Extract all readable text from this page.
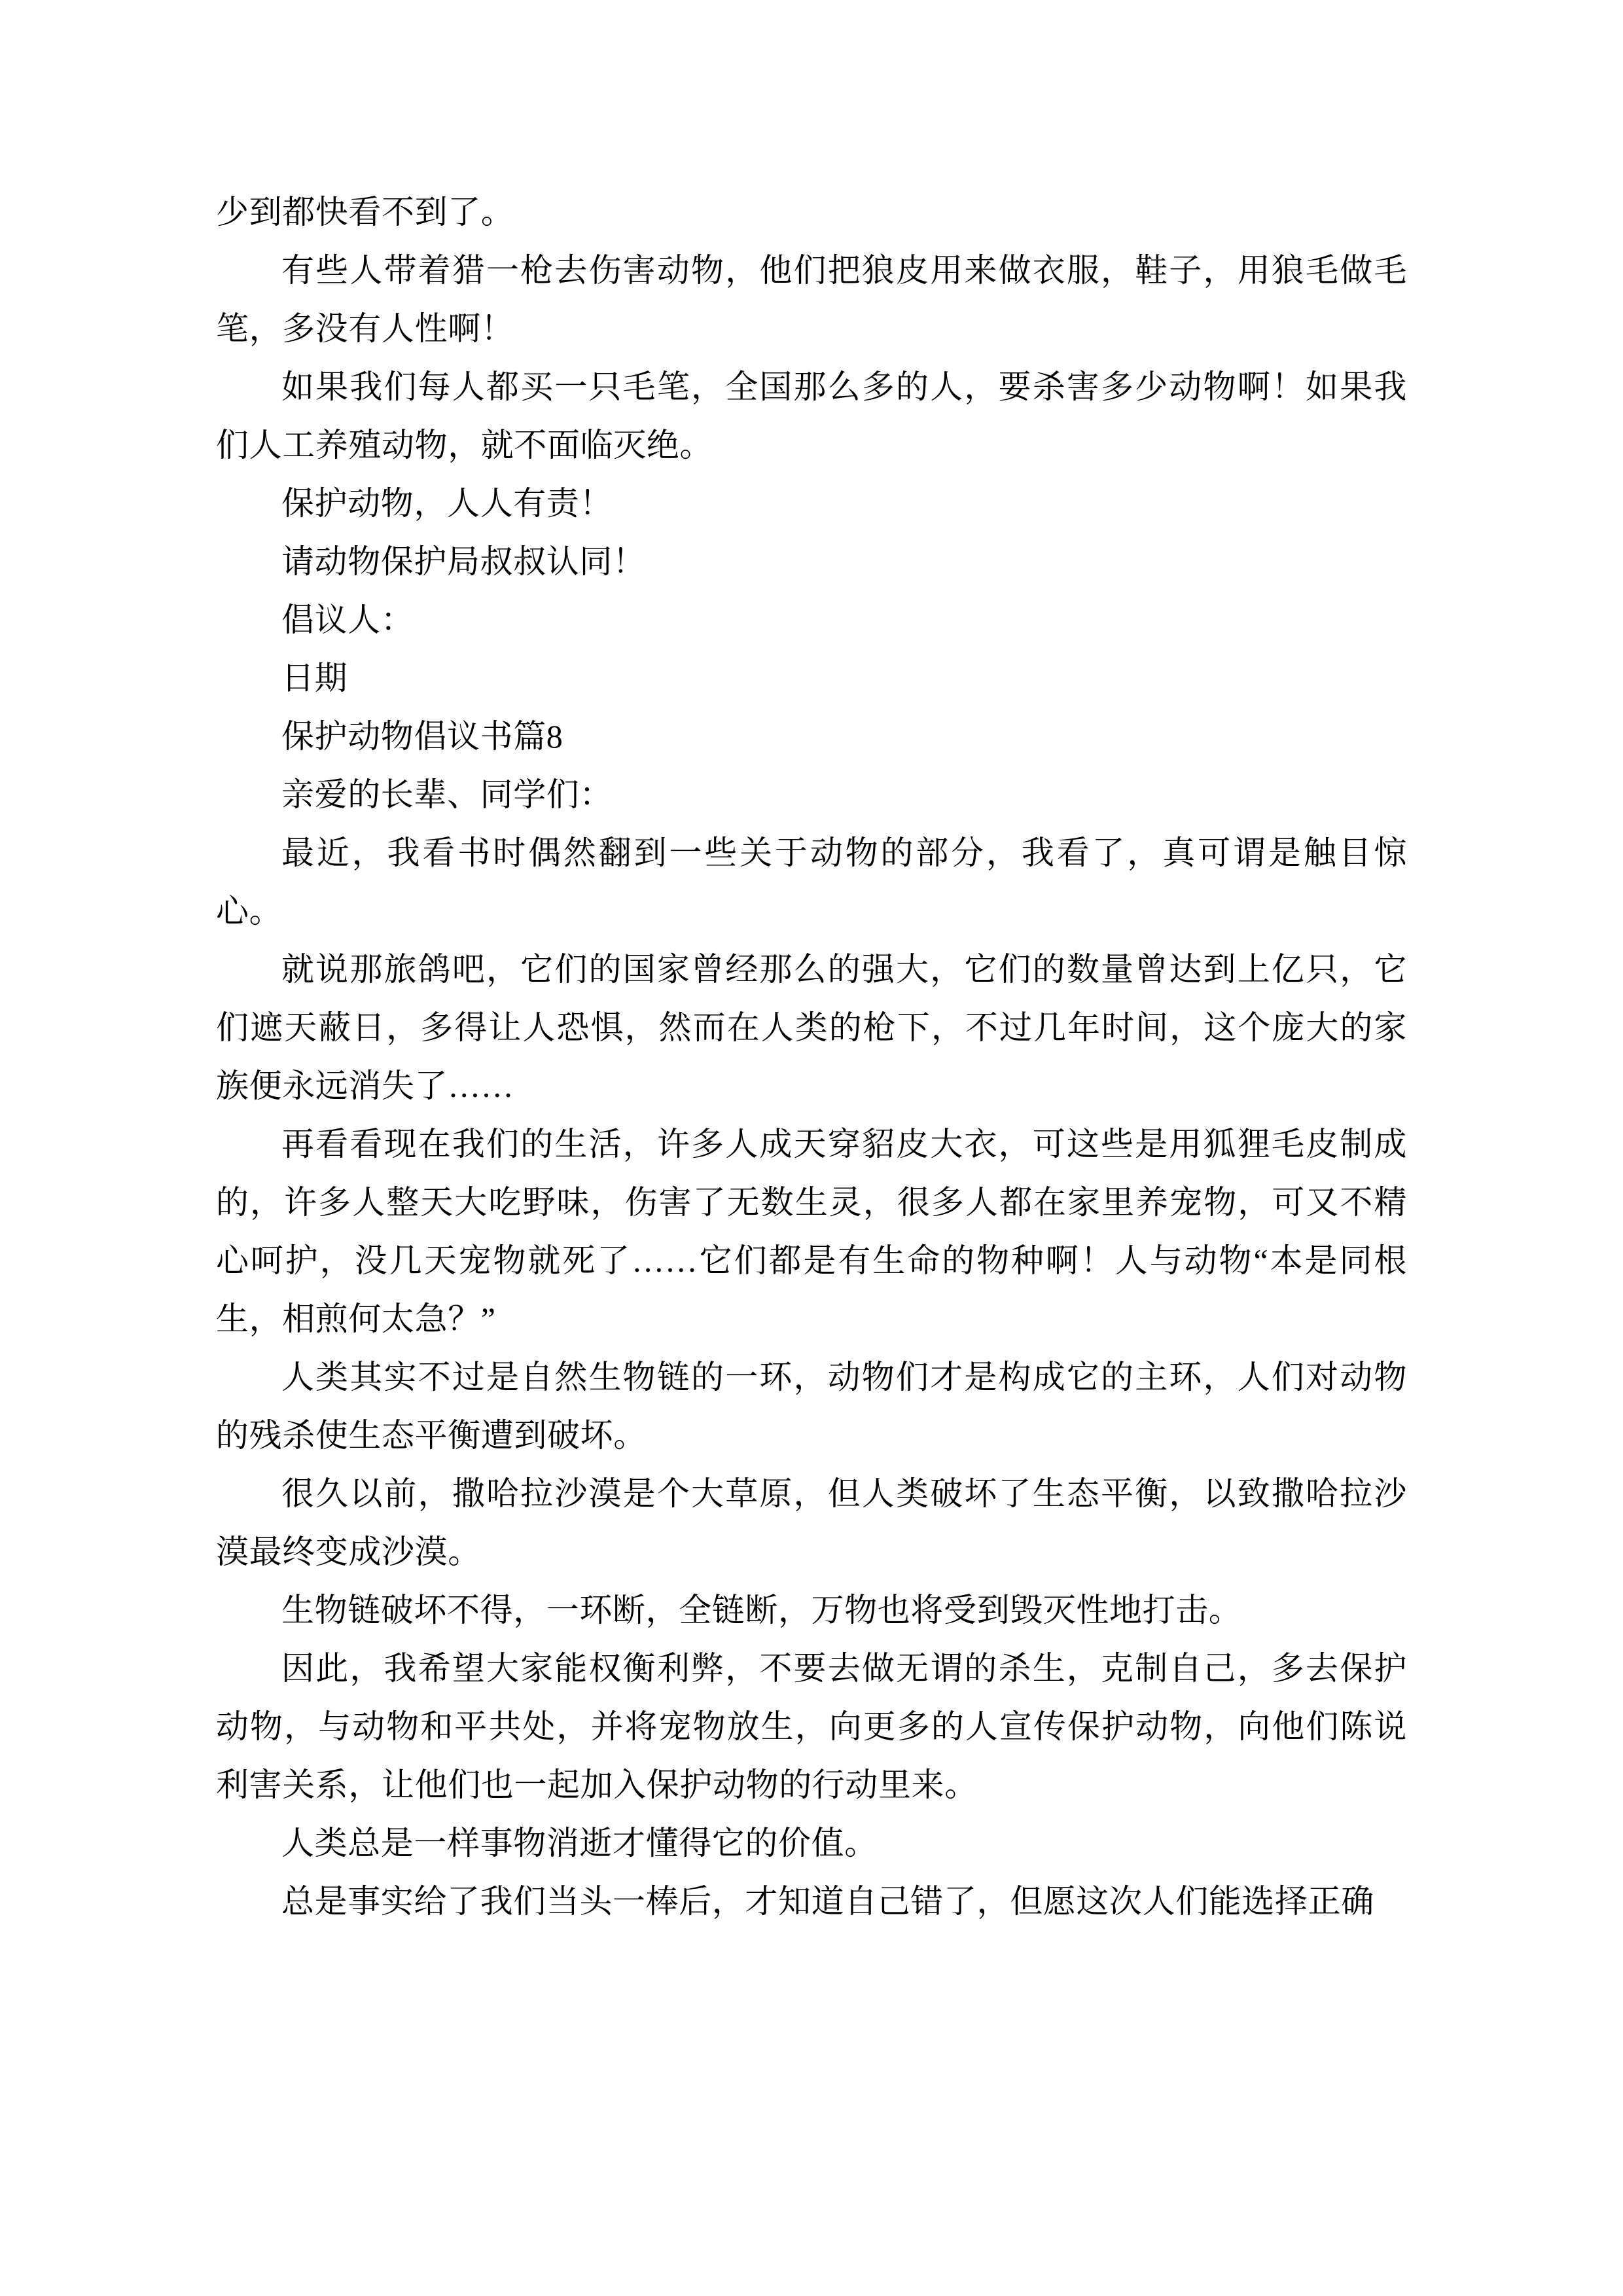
少到都快看不到了。

有些人带着猎一枪去伤害动物，他们把狼皮用来做衣服，鞋子，用狼毛做毛笔，多没有人性啊！

如果我们每人都买一只毛笔，全国那么多的人，要杀害多少动物啊！如果我们人工养殖动物，就不面临灭绝。

保护动物，人人有责！

请动物保护局叔叔认同！

倡议人：

日期

保护动物倡议书篇8

亲爱的长辈、同学们：

最近，我看书时偶然翻到一些关于动物的部分，我看了，真可谓是触目惊心。

就说那旅鸽吧，它们的国家曾经那么的强大，它们的数量曾达到上亿只，它们遮天蔽日，多得让人恐惧，然而在人类的枪下，不过几年时间，这个庞大的家族便永远消失了……

再看看现在我们的生活，许多人成天穿貂皮大衣，可这些是用狐狸毛皮制成的，许多人整天大吃野味，伤害了无数生灵，很多人都在家里养宠物，可又不精心呵护，没几天宠物就死了……它们都是有生命的物种啊！人与动物“本是同根生，相煎何太急？”

人类其实不过是自然生物链的一环，动物们才是构成它的主环，人们对动物的残杀使生态平衡遭到破坏。

很久以前，撒哈拉沙漠是个大草原，但人类破坏了生态平衡，以致撒哈拉沙漠最终变成沙漠。

生物链破坏不得，一环断，全链断，万物也将受到毁灭性地打击。

因此，我希望大家能权衡利弊，不要去做无谓的杀生，克制自己，多去保护动物，与动物和平共处，并将宠物放生，向更多的人宣传保护动物，向他们陈说利害关系，让他们也一起加入保护动物的行动里来。

人类总是一样事物消逝才懂得它的价值。

总是事实给了我们当头一棒后，才知道自己错了，但愿这次人们能选择正确
